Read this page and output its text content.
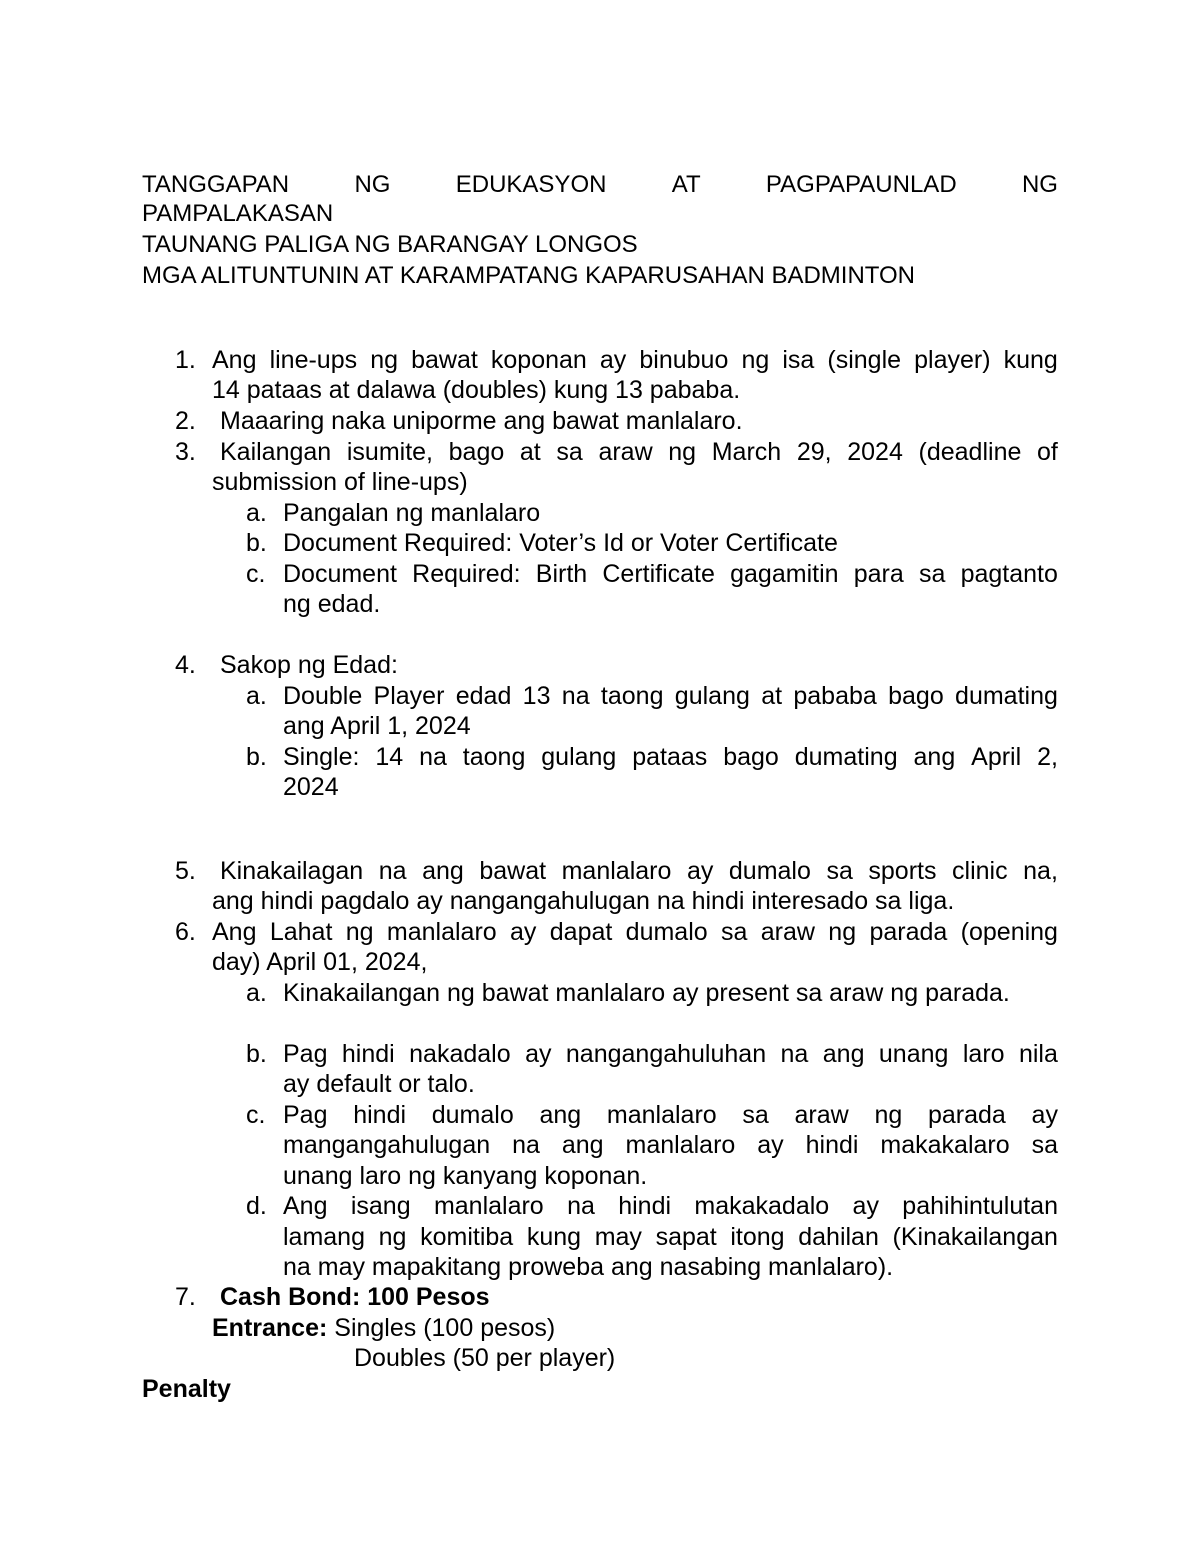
TANGGAPAN	NG	EDUKASYON	AT	PAGPAPAUNLAD	NG
PAMPALAKASAN
TAUNANG PALIGA NG BARANGAY LONGOS
MGA ALITUNTUNIN AT KARAMPATANG KAPARUSAHAN BADMINTON
1. Ang line-ups ng bawat koponan ay binubuo ng isa (single player) kung
14 pataas at dalawa (doubles) kung 13 pababa.
2. Maaaring naka uniporme ang bawat manlalaro.
3. Kailangan isumite, bago at sa araw ng March 29, 2024 (deadline of
submission of line-ups)
a. Pangalan ng manlalaro
b. Document Required: Voter’s Id or Voter Certificate
c. Document Required: Birth Certificate gagamitin para sa pagtanto
ng edad.
4. Sakop ng Edad:
a. Double Player edad 13 na taong gulang at pababa bago dumating
ang April 1, 2024
b. Single: 14 na taong gulang pataas bago dumating ang April 2,
2024
5. Kinakailagan na ang bawat manlalaro ay dumalo sa sports clinic na,
ang hindi pagdalo ay nangangahulugan na hindi interesado sa liga.
6. Ang Lahat ng manlalaro ay dapat dumalo sa araw ng parada (opening
day) April 01, 2024,
a. Kinakailangan ng bawat manlalaro ay present sa araw ng parada.
b. Pag hindi nakadalo ay nangangahuluhan na ang unang laro nila
ay default or talo.
c. Pag hindi dumalo ang manlalaro sa araw ng parada ay
mangangahulugan na ang manlalaro ay hindi makakalaro sa
unang laro ng kanyang koponan.
d. Ang isang manlalaro na hindi makakadalo ay pahihintulutan
lamang ng komitiba kung may sapat itong dahilan (Kinakailangan
na may mapakitang proweba ang nasabing manlalaro).
7. Cash Bond: 100 Pesos
Entrance: Singles (100 pesos)
Doubles (50 per player)
Penalty
